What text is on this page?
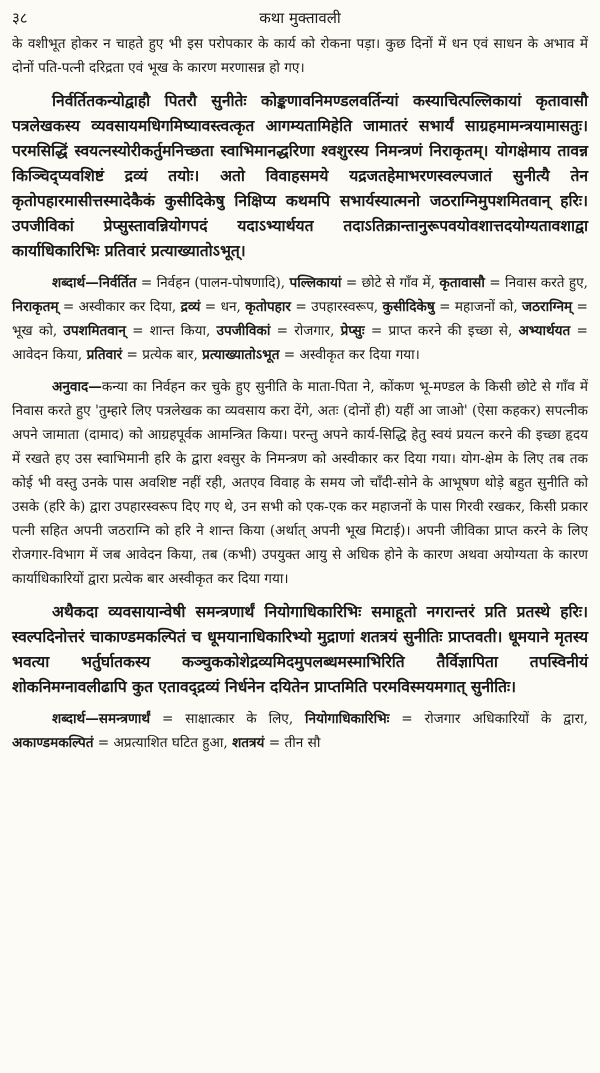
३८	कथा मुक्तावली

के वशीभूत होकर न चाहते हुए भी इस परोपकार के कार्य को रोकना पड़ा। कुछ दिनों में धन एवं साधन के अभाव में दोनों पति-पत्नी दरिद्रता एवं भूख के कारण मरणासन्न हो गए।

निर्वर्तितकन्योद्वाहौ पितरौ सुनीतेः कोङ्कणावनिमण्डलवर्तिन्यां कस्याचित्पल्लिकायां कृतावासौ पत्रलेखकस्य व्यवसायमधिगमिष्यावस्त्वत्कृत आगम्यतामिहेति जामातरं सभार्यं साग्रहमामन्त्रयामासतुः। परमसिद्धिं स्वयत्नस्योरीकर्तुमनिच्छता स्वाभिमानद्धरिणा श्वशुरस्य निमन्त्रणं निराकृतम्। योगक्षेमाय तावन्न किञ्चिद्प्यवशिष्टं द्रव्यं तयोः। अतो विवाहसमये यद्रजतहेमाभरणस्वल्पजातं सुनीत्यै तेन कृतोपहारमासीत्तस्मादेकैकं कुसीदिकेषु निक्षिप्य कथमपि सभार्यस्यात्मनो जठराग्निमुपशमितवान् हरिः। उपजीविकां प्रेप्सुस्तावन्नियोगपदं यदाऽभ्यार्थयत तदाऽतिक्रान्तानुरूपवयोवशात्तदयोग्यतावशाद्वा कार्याधिकारिभिः प्रतिवारं प्रत्याख्यातोऽभूत्।

शब्दार्थ—निर्वर्तित = निर्वहन (पालन-पोषणादि), पल्लिकायां = छोटे से गाँव में, कृतावासौ = निवास करते हुए, निराकृतम् = अस्वीकार कर दिया, द्रव्यं = धन, कृतोपहार = उपहारस्वरूप, कुसीदिकेषु = महाजनों को, जठराग्निम् = भूख को, उपशमितवान् = शान्त किया, उपजीविकां = रोजगार, प्रेप्सुः = प्राप्त करने की इच्छा से, अभ्यार्थयत = आवेदन किया, प्रतिवारं = प्रत्येक बार, प्रत्याख्यातोऽभूत = अस्वीकृत कर दिया गया।

अनुवाद—कन्या का निर्वहन कर चुके हुए सुनीति के माता-पिता ने, कोंकण भू-मण्डल के किसी छोटे से गाँव में निवास करते हुए 'तुम्हारे लिए पत्रलेखक का व्यवसाय करा देंगे, अतः (दोनों ही) यहीं आ जाओ' (ऐसा कहकर) सपत्नीक अपने जामाता (दामाद) को आग्रहपूर्वक आमन्त्रित किया। परन्तु अपने कार्य-सिद्धि हेतु स्वयं प्रयत्न करने की इच्छा हृदय में रखते हए उस स्वाभिमानी हरि के द्वारा श्वसुर के निमन्त्रण को अस्वीकार कर दिया गया। योग-क्षेम के लिए तब तक कोई भी वस्तु उनके पास अवशिष्ट नहीं रही, अतएव विवाह के समय जो चाँदी-सोने के आभूषण थोड़े बहुत सुनीति को उसके (हरि के) द्वारा उपहारस्वरूप दिए गए थे, उन सभी को एक-एक कर महाजनों के पास गिरवी रखकर, किसी प्रकार पत्नी सहित अपनी जठराग्नि को हरि ने शान्त किया (अर्थात् अपनी भूख मिटाई)। अपनी जीविका प्राप्त करने के लिए रोजगार-विभाग में जब आवेदन किया, तब (कभी) उपयुक्त आयु से अधिक होने के कारण अथवा अयोग्यता के कारण कार्याधिकारियों द्वारा प्रत्येक बार अस्वीकृत कर दिया गया।

अथैकदा व्यवसायान्वेषी समन्त्रणार्थं नियोगाधिकारिभिः समाहूतो नगरान्तरं प्रति प्रतस्थे हरिः। स्वल्पदिनोत्तरं चाकाण्डमकल्पितं च धूमयानाधिकारिभ्यो मुद्राणां शतत्रयं सुनीतिः प्राप्तवती। धूमयाने मृतस्य भवत्या भर्तुर्घातकस्य कञ्चुककोशेद्रव्यमिदमुपलब्धमस्माभिरिति तैर्विज्ञापिता तपस्विनीयं शोकनिमग्नावलीढापि कुत एतावद्द्रव्यं निर्धनेन दयितेन प्राप्तमिति परमविस्मयमगात् सुनीतिः।

शब्दार्थ—समन्त्रणार्थं = साक्षात्कार के लिए, नियोगाधिकारिभिः = रोजगार अधिकारियों के द्वारा, अकाण्डमकल्पितं = अप्रत्याशित घटित हुआ, शतत्रयं = तीन सौ
